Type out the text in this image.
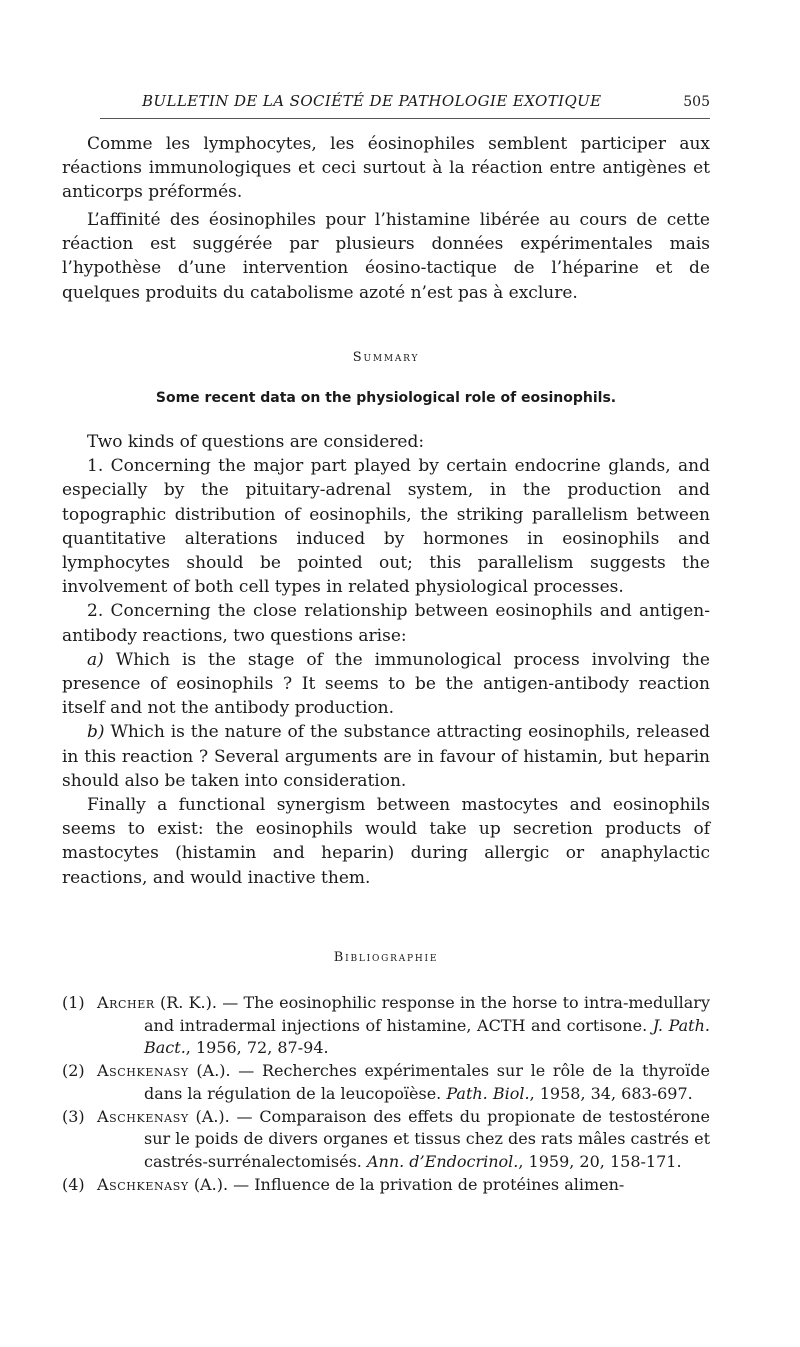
BULLETIN DE LA SOCIÉTÉ DE PATHOLOGIE EXOTIQUE	505

Comme les lymphocytes, les éosinophiles semblent participer aux réactions immunologiques et ceci surtout à la réaction entre antigènes et anticorps préformés.

L’affinité des éosinophiles pour l’histamine libérée au cours de cette réaction est suggérée par plusieurs données expérimentales mais l’hypothèse d’une intervention éosino-tactique de l’héparine et de quelques produits du catabolisme azoté n’est pas à exclure.

Summary
Some recent data on the physiological role of eosinophils.

Two kinds of questions are considered:

1. Concerning the major part played by certain endocrine glands, and especially by the pituitary-adrenal system, in the production and topographic distribution of eosinophils, the striking parallelism between quantitative alterations induced by hormones in eosinophils and lymphocytes should be pointed out; this parallelism suggests the involvement of both cell types in related physiological processes.

2. Concerning the close relationship between eosinophils and antigen-antibody reactions, two questions arise:

a) Which is the stage of the immunological process involving the presence of eosinophils ? It seems to be the antigen-antibody reaction itself and not the antibody production.

b) Which is the nature of the substance attracting eosinophils, released in this reaction ? Several arguments are in favour of histamin, but heparin should also be taken into consideration.

Finally a functional synergism between mastocytes and eosinophils seems to exist: the eosinophils would take up secretion products of mastocytes (histamin and heparin) during allergic or anaphylactic reactions, and would inactive them.

Bibliographie
(1) Archer (R. K.). — The eosinophilic response in the horse to intra-medullary and intradermal injections of histamine, ACTH and cortisone. J. Path. Bact., 1956, 72, 87-94.
(2) Aschkenasy (A.). — Recherches expérimentales sur le rôle de la thyroïde dans la régulation de la leucopoïèse. Path. Biol., 1958, 34, 683-697.
(3) Aschkenasy (A.). — Comparaison des effets du propionate de testostérone sur le poids de divers organes et tissus chez des rats mâles castrés et castrés-surrénalectomisés. Ann. d’Endocrinol., 1959, 20, 158-171.
(4) Aschkenasy (A.). — Influence de la privation de protéines alimen-
